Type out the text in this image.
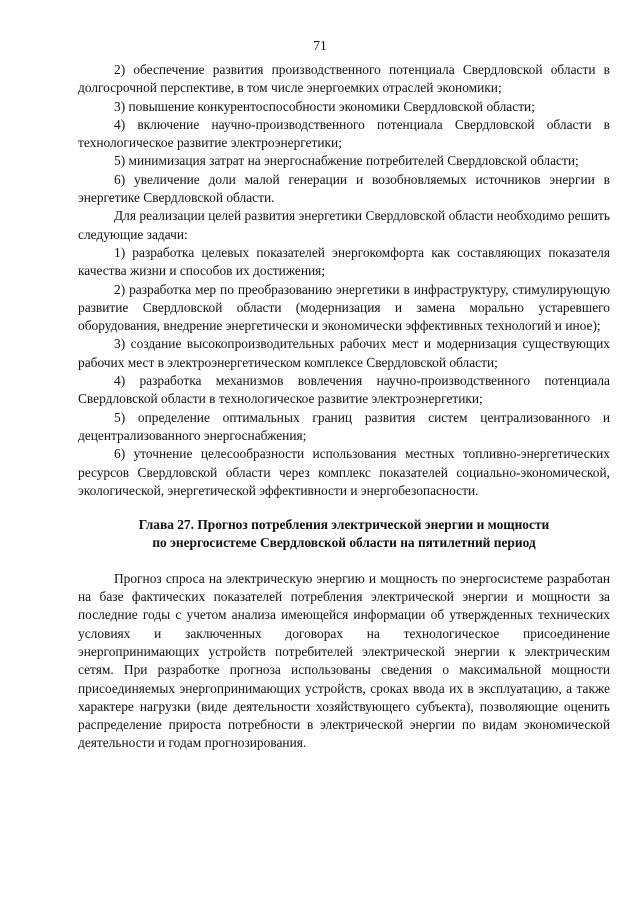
71

2) обеспечение развития производственного потенциала Свердловской области в долгосрочной перспективе, в том числе энергоемких отраслей экономики;

3) повышение конкурентоспособности экономики Свердловской области;

4) включение научно-производственного потенциала Свердловской области в технологическое развитие электроэнергетики;

5) минимизация затрат на энергоснабжение потребителей Свердловской области;

6) увеличение доли малой генерации и возобновляемых источников энергии в энергетике Свердловской области.

Для реализации целей развития энергетики Свердловской области необходимо решить следующие задачи:

1) разработка целевых показателей энергокомфорта как составляющих показателя качества жизни и способов их достижения;

2) разработка мер по преобразованию энергетики в инфраструктуру, стимулирующую развитие Свердловской области (модернизация и замена морально устаревшего оборудования, внедрение энергетически и экономически эффективных технологий и иное);

3) создание высокопроизводительных рабочих мест и модернизация существующих рабочих мест в электроэнергетическом комплексе Свердловской области;

4) разработка механизмов вовлечения научно-производственного потенциала Свердловской области в технологическое развитие электроэнергетики;

5) определение оптимальных границ развития систем централизованного и децентрализованного энергоснабжения;

6) уточнение целесообразности использования местных топливно-энергетических ресурсов Свердловской области через комплекс показателей социально-экономической, экологической, энергетической эффективности и энергобезопасности.

Глава 27. Прогноз потребления электрической энергии и мощности
по энергосистеме Свердловской области на пятилетний период

Прогноз спроса на электрическую энергию и мощность по энергосистеме разработан на базе фактических показателей потребления электрической энергии и мощности за последние годы с учетом анализа имеющейся информации об утвержденных технических условиях и заключенных договорах на технологическое присоединение энергопринимающих устройств потребителей электрической энергии к электрическим сетям. При разработке прогноза использованы сведения о максимальной мощности присоединяемых энергопринимающих устройств, сроках ввода их в эксплуатацию, а также характере нагрузки (виде деятельности хозяйствующего субъекта), позволяющие оценить распределение прироста потребности в электрической энергии по видам экономической деятельности и годам прогнозирования.
